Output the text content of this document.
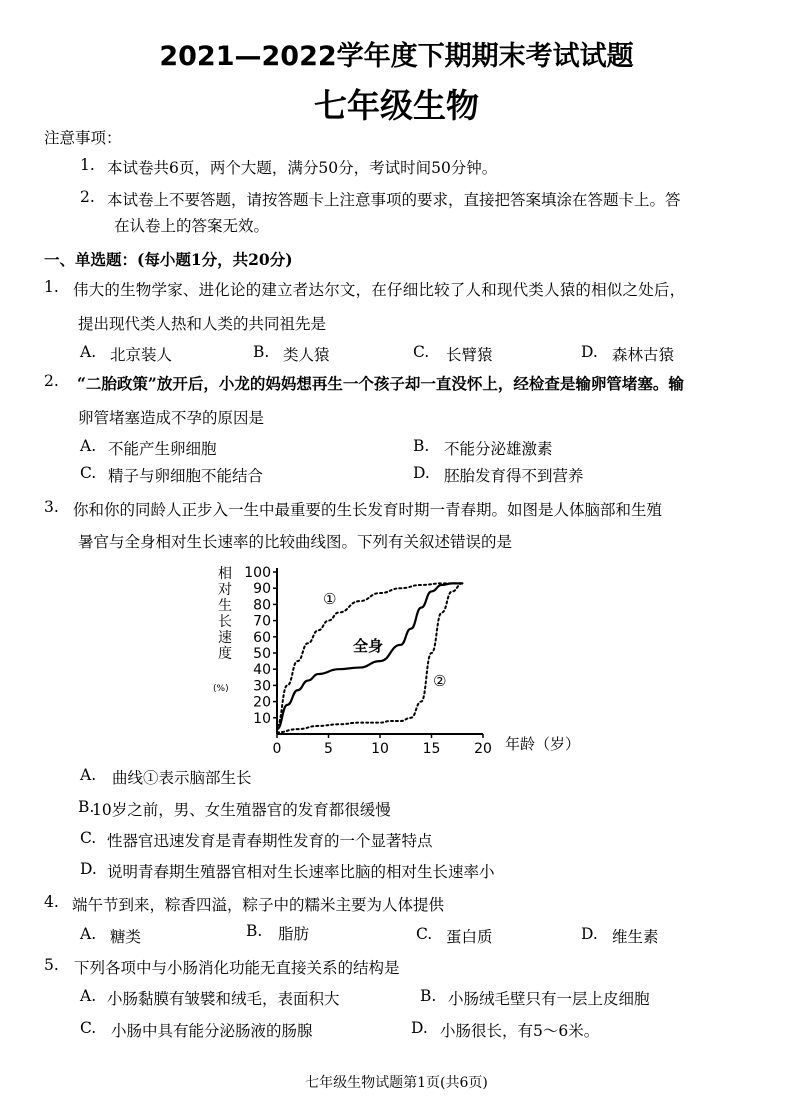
2021—2022学年度下期期末考试试题
七年级生物
注意事项：
1. 本试卷共6页，两个大题，满分50分，考试时间50分钟。
2. 本试卷上不要答题，请按答题卡上注意事项的要求，直接把答案填涂在答题卡上。答
在认卷上的答案无效。
一、单选题：(每小题1分，共20分)
1. 伟大的生物学家、进化论的建立者达尔文，在仔细比较了人和现代类人猿的相似之处后，
提出现代类人热和人类的共同祖先是
A. 北京装人	B. 类人猿	C. 长臂猿	D. 森林古猿
2. “二胎政策”放开后，小龙的妈妈想再生一个孩子却一直没怀上，经检查是输卵管堵塞。输
卵管堵塞造成不孕的原因是
A. 不能产生卵细胞	B. 不能分泌雄激素
C. 精子与卵细胞不能结合	D. 胚胎发育得不到营养
3. 你和你的同龄人正步入一生中最重要的生长发育时期一青春期。如图是人体脑部和生殖
暑官与全身相对生长速率的比较曲线图。下列有关叙述错误的是
相
对
生
长
速
度
(%)
10
20
30
40
50
60
70
80
90
100
0	5	10 15 20 年龄（岁）
①
全身
②
A. 曲线①表示脑部生长
B.
10岁之前，男、女生殖器官的发育都很缓慢
C. 性器官迅速发育是青春期性发育的一个显著特点
D. 说明青春期生殖器官相对生长速率比脑的相对生长速率小
4. 端午节到来，粽香四溢，粽子中的糯米主要为人体提供
A. 糖类	B. 脂肪	C. 蛋白质	D. 维生素
5. 下列各项中与小肠消化功能无直接关系的结构是
A. 小肠黏膜有皱襞和绒毛，表面积大	B. 小肠绒毛壁只有一层上皮细胞
C. 小肠中具有能分泌肠液的肠腺	D. 小肠很长，有5～6米。
七年级生物试题第1页(共6页)
